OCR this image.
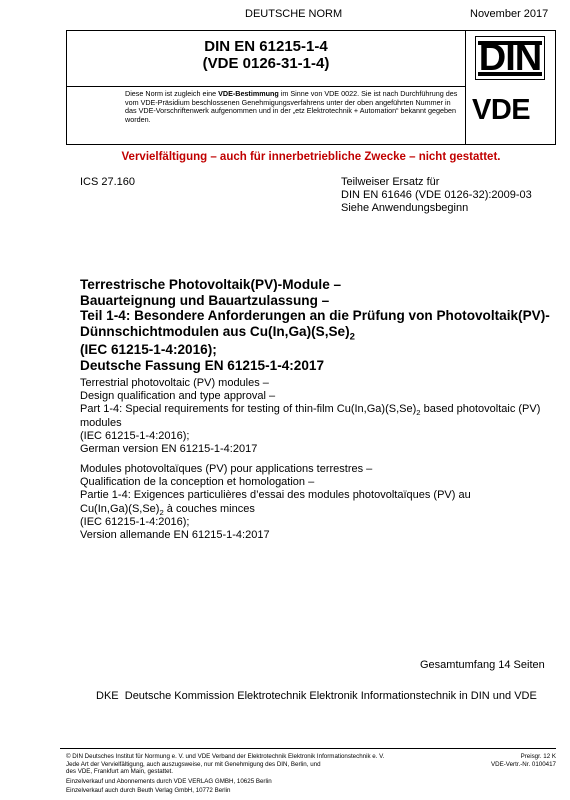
DEUTSCHE NORM	November 2017
DIN EN 61215-1-4
(VDE 0126-31-1-4)
Diese Norm ist zugleich eine VDE-Bestimmung im Sinne von VDE 0022. Sie ist nach Durchführung des vom VDE-Präsidium beschlossenen Genehmigungsverfahrens unter der oben angeführten Nummer in das VDE-Vorschriftenwerk aufgenommen und in der „etz Elektrotechnik + Automation“ bekannt gegeben worden.
DIN
VDE
Vervielfältigung – auch für innerbetriebliche Zwecke – nicht gestattet.
ICS 27.160	Teilweiser Ersatz für
DIN EN 61646 (VDE 0126-32):2009-03
Siehe Anwendungsbeginn
Terrestrische Photovoltaik(PV)-Module –
Bauarteignung und Bauartzulassung –
Teil 1-4: Besondere Anforderungen an die Prüfung von Photovoltaik(PV)-
Dünnschichtmodulen aus $Cu(In,Ga)(S,Se)_2$
(IEC 61215-1-4:2016);
Deutsche Fassung EN 61215-1-4:2017
Terrestrial photovoltaic (PV) modules –
Design qualification and type approval –
Part 1-4: Special requirements for testing of thin-film $Cu(In,Ga)(S,Se)_2$ based photovoltaic (PV)
modules
(IEC 61215-1-4:2016);
German version EN 61215-1-4:2017
Modules photovoltaïques (PV) pour applications terrestres –
Qualification de la conception et homologation –
Partie 1-4: Exigences particulières d’essai des modules photovoltaïques (PV) au
$Cu(In,Ga)(S,Se)_2$ à couches minces
(IEC 61215-1-4:2016);
Version allemande EN 61215-1-4:2017
Gesamtumfang 14 Seiten
DKE Deutsche Kommission Elektrotechnik Elektronik Informationstechnik in DIN und VDE
© DIN Deutsches Institut für Normung e. V. und VDE Verband der Elektrotechnik Elektronik Informationstechnik e. V.
Jede Art der Vervielfältigung, auch auszugsweise, nur mit Genehmigung des DIN, Berlin, und
des VDE, Frankfurt am Main, gestattet.
Einzelverkauf und Abonnements durch VDE VERLAG GMBH, 10625 Berlin
Einzelverkauf auch durch Beuth Verlag GmbH, 10772 Berlin
Preisgr. 12 K
VDE-Vertr.-Nr. 0100417
